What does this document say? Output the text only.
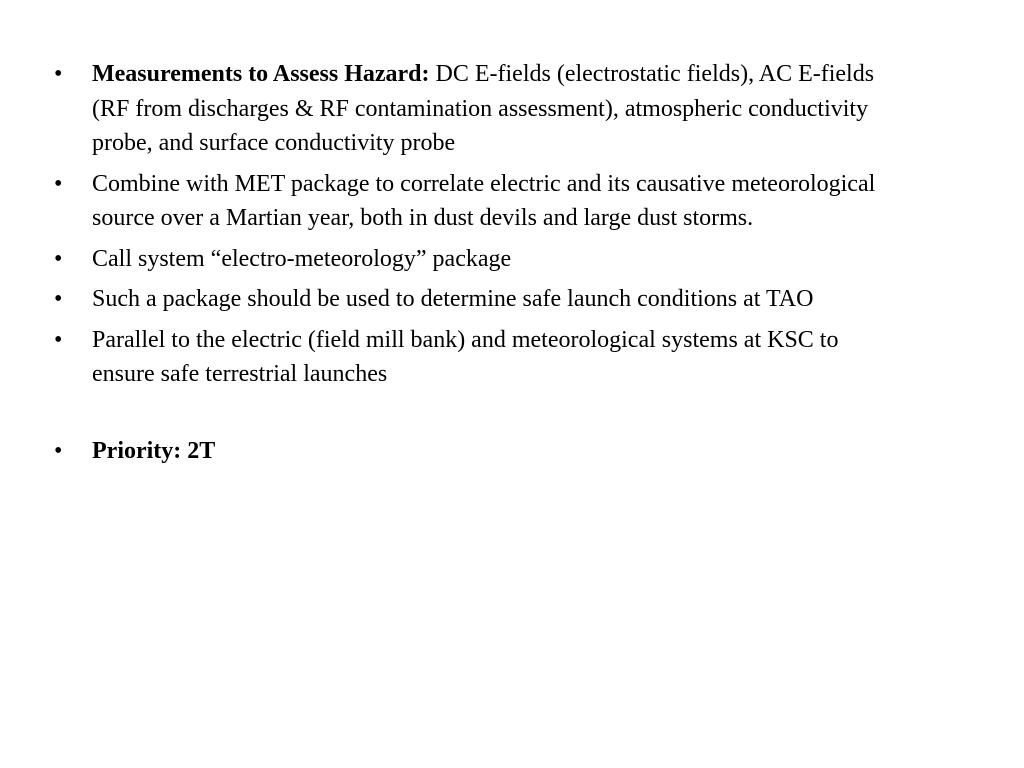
•	Measurements to Assess Hazard: DC E-fields (electrostatic fields), AC E-fields (RF from discharges & RF contamination assessment), atmospheric conductivity probe, and surface conductivity probe
•	Combine with MET package to correlate electric and its causative meteorological source over a Martian year, both in dust devils and large dust storms.
•	Call system “electro-meteorology” package
•	Such a package should be used to determine safe launch conditions at TAO
•	Parallel to the electric (field mill bank) and meteorological systems at KSC to ensure safe terrestrial launches
•	Priority: 2T
